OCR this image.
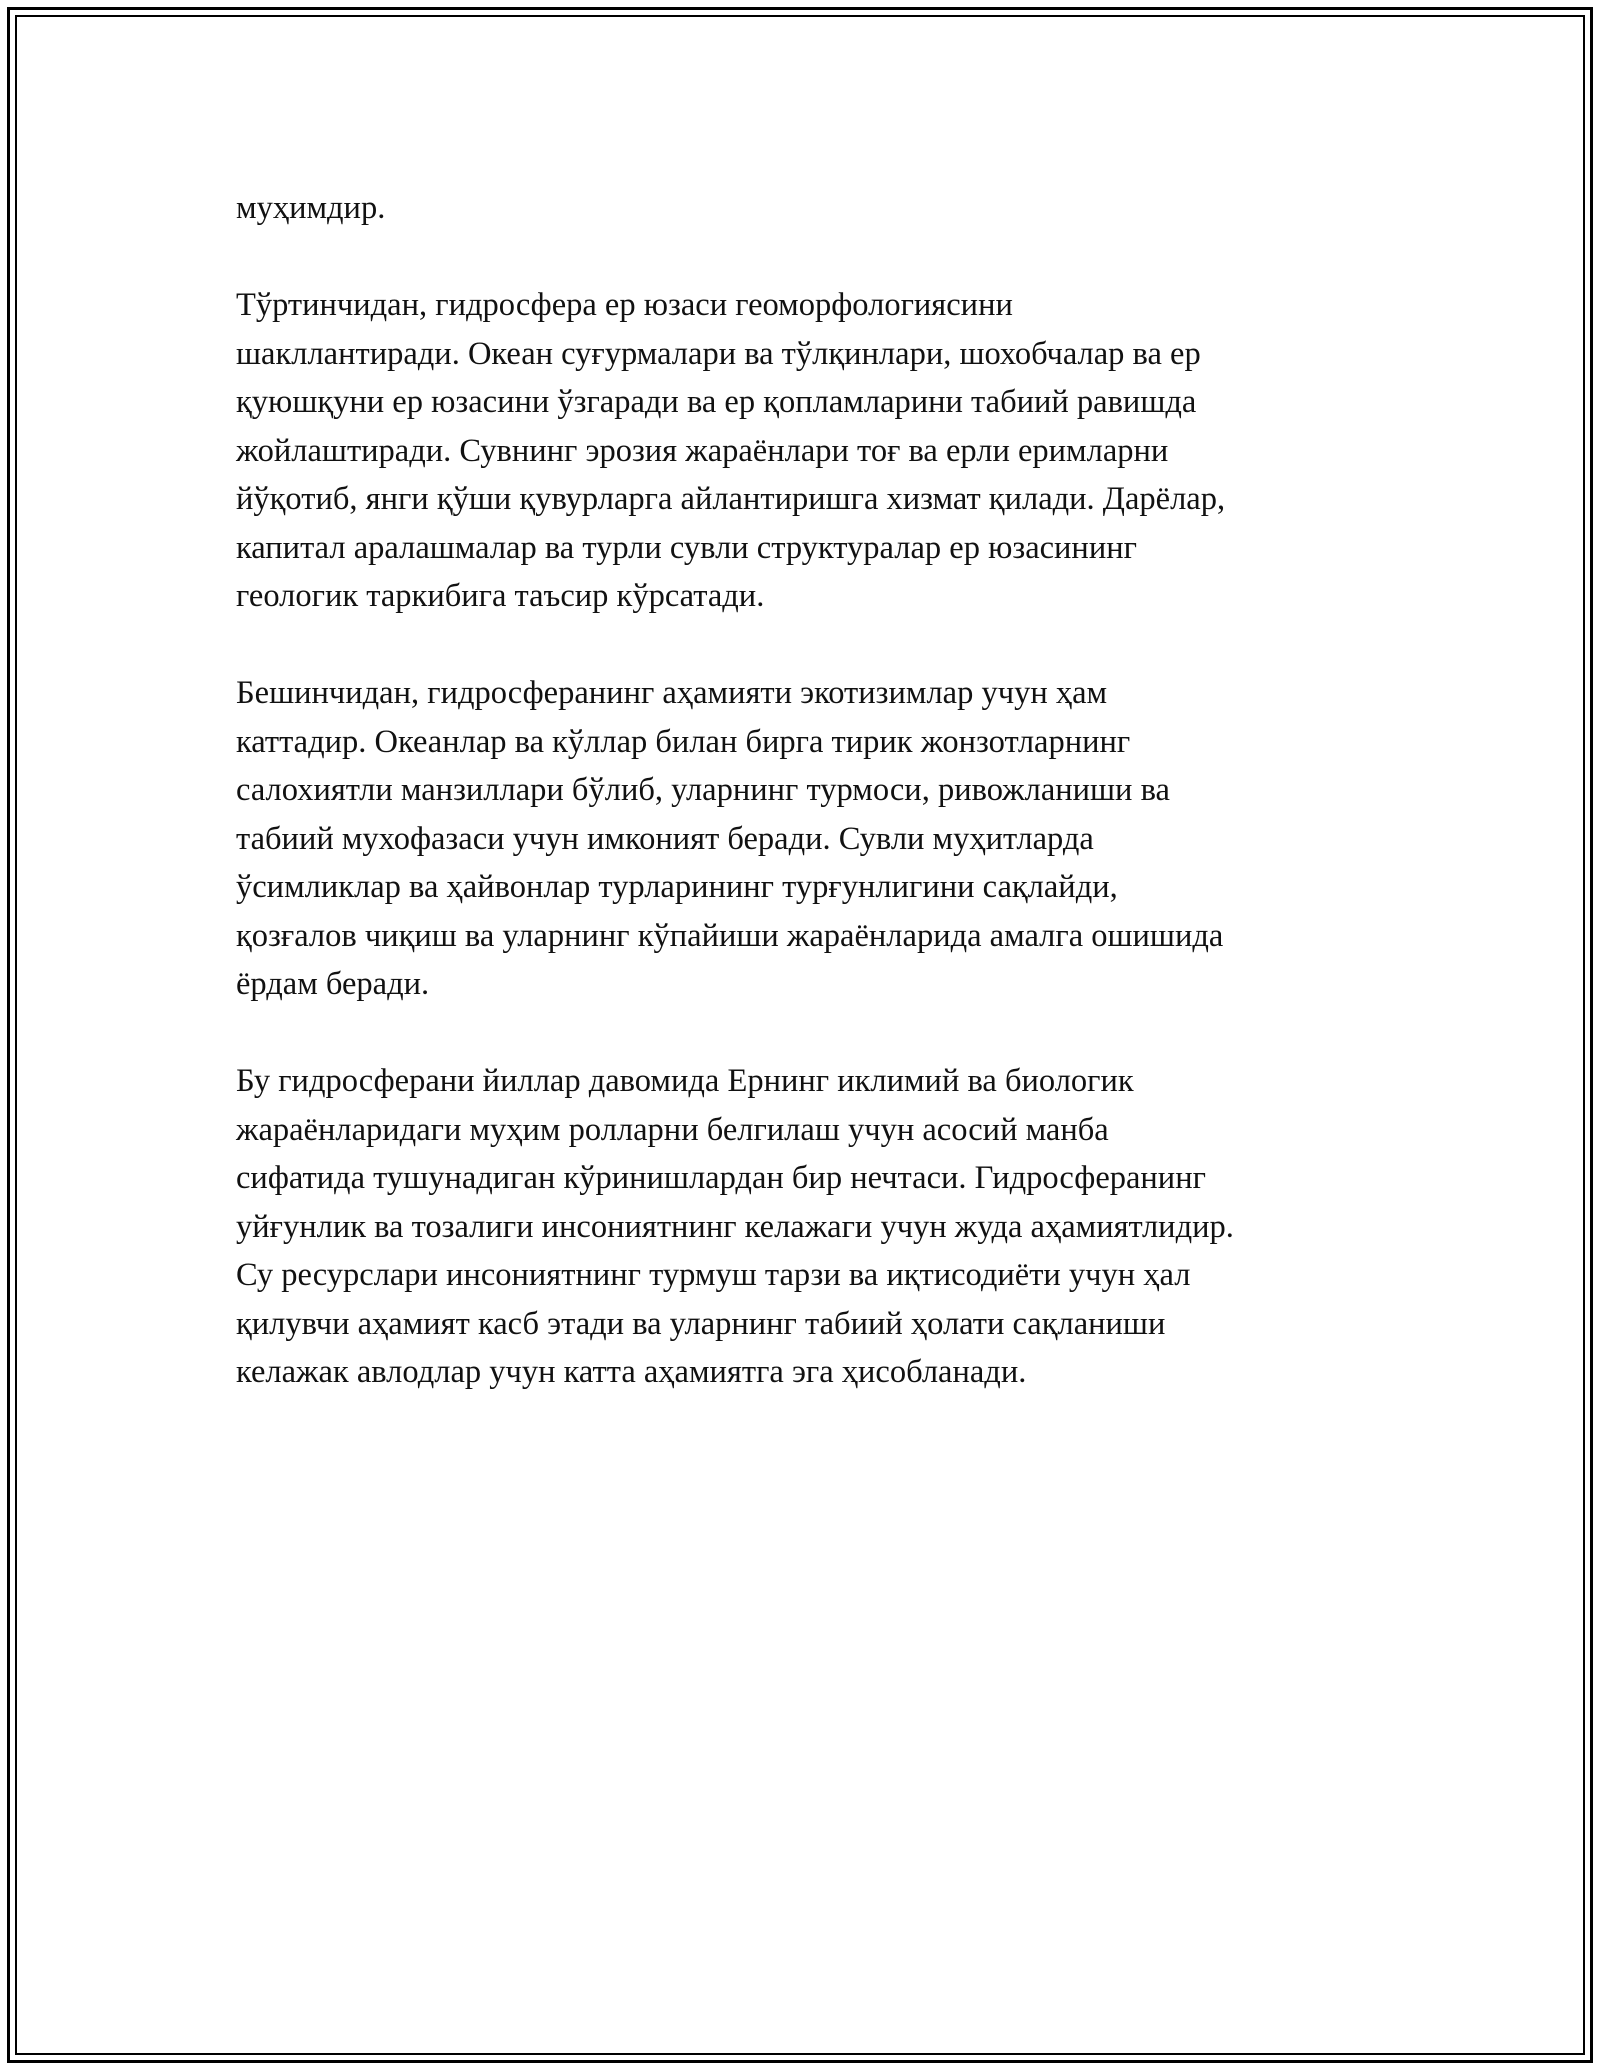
муҳимдир.

Тўртинчидан, гидросфера ер юзаси геоморфологиясини
шакллантиради. Океан суғурмалари ва тўлқинлари, шохобчалар ва ер
қуюшқуни ер юзасини ўзгаради ва ер қопламларини табиий равишда
жойлаштиради. Сувнинг эрозия жараёнлари тоғ ва ерли еримларни
йўқотиб, янги қўши қувурларга айлантиришга хизмат қилади. Дарёлар,
капитал аралашмалар ва турли сувли структуралар ер юзасининг
геологик таркибига таъсир кўрсатади.

Бешинчидан, гидросферанинг аҳамияти экотизимлар учун ҳам
каттадир. Океанлар ва кўллар билан бирга тирик жонзотларнинг
салохиятли манзиллари бўлиб, уларнинг турмоси, ривожланиши ва
табиий мухофазаси учун имконият беради. Сувли муҳитларда
ўсимликлар ва ҳайвонлар турларининг турғунлигини сақлайди,
қозғалов чиқиш ва уларнинг кўпайиши жараёнларида амалга ошишида
ёрдам беради.

Бу гидросферани йиллар давомида Ернинг иклимий ва биологик
жараёнларидаги муҳим ролларни белгилаш учун асосий манба
сифатида тушунадиган кўринишлардан бир нечтаси. Гидросферанинг
уйғунлик ва тозалиги инсониятнинг келажаги учун жуда аҳамиятлидир.
Су ресурслари инсониятнинг турмуш тарзи ва иқтисодиёти учун ҳал
қилувчи аҳамият касб этади ва уларнинг табиий ҳолати сақланиши
келажак авлодлар учун катта аҳамиятга эга ҳисобланади.
